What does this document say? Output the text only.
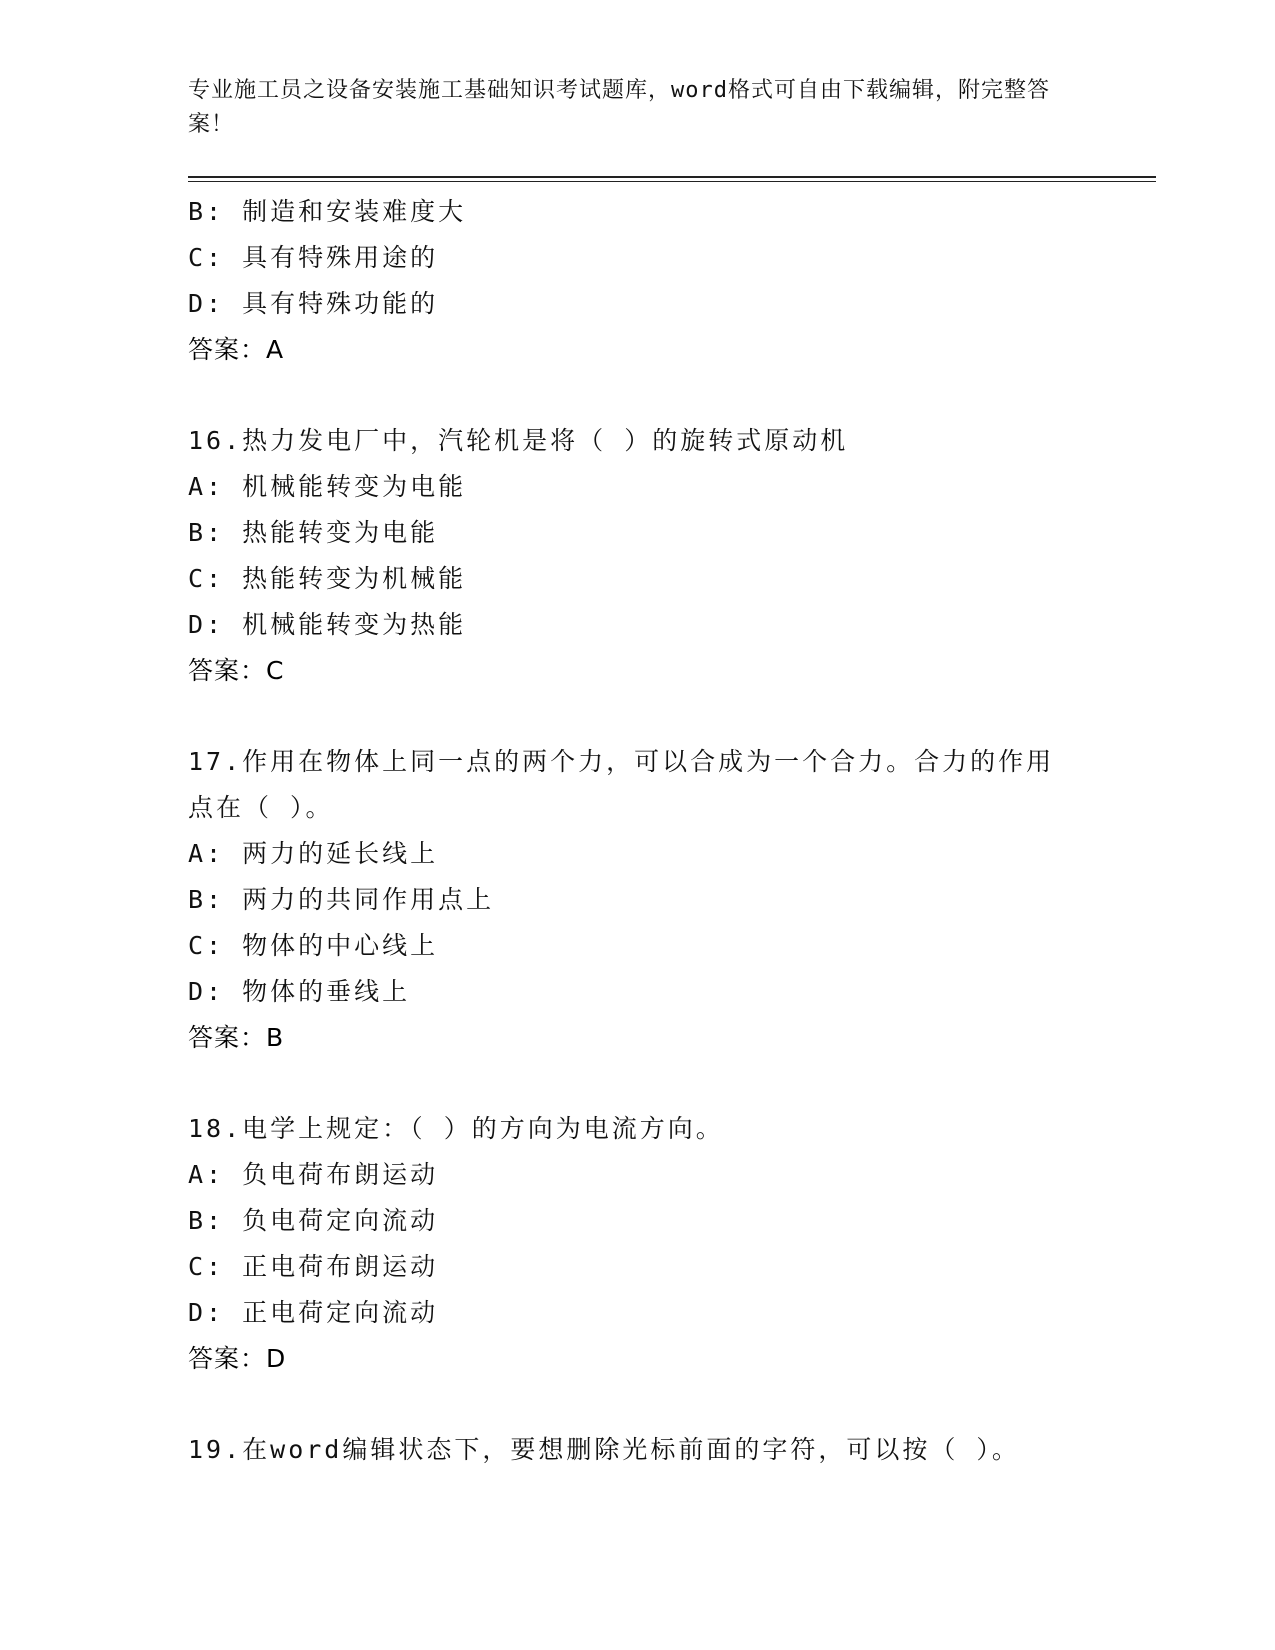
专业施工员之设备安装施工基础知识考试题库，word格式可自由下载编辑，附完整答案！
B: 制造和安装难度大
C: 具有特殊用途的
D: 具有特殊功能的
答案：A
16.热力发电厂中，汽轮机是将（ ）的旋转式原动机
A: 机械能转变为电能
B: 热能转变为电能
C: 热能转变为机械能
D: 机械能转变为热能
答案：C
17.作用在物体上同一点的两个力，可以合成为一个合力。合力的作用点在（ ）。
A: 两力的延长线上
B: 两力的共同作用点上
C: 物体的中心线上
D: 物体的垂线上
答案：B
18.电学上规定：（ ）的方向为电流方向。
A: 负电荷布朗运动
B: 负电荷定向流动
C: 正电荷布朗运动
D: 正电荷定向流动
答案：D
19.在word编辑状态下，要想删除光标前面的字符，可以按（ ）。
